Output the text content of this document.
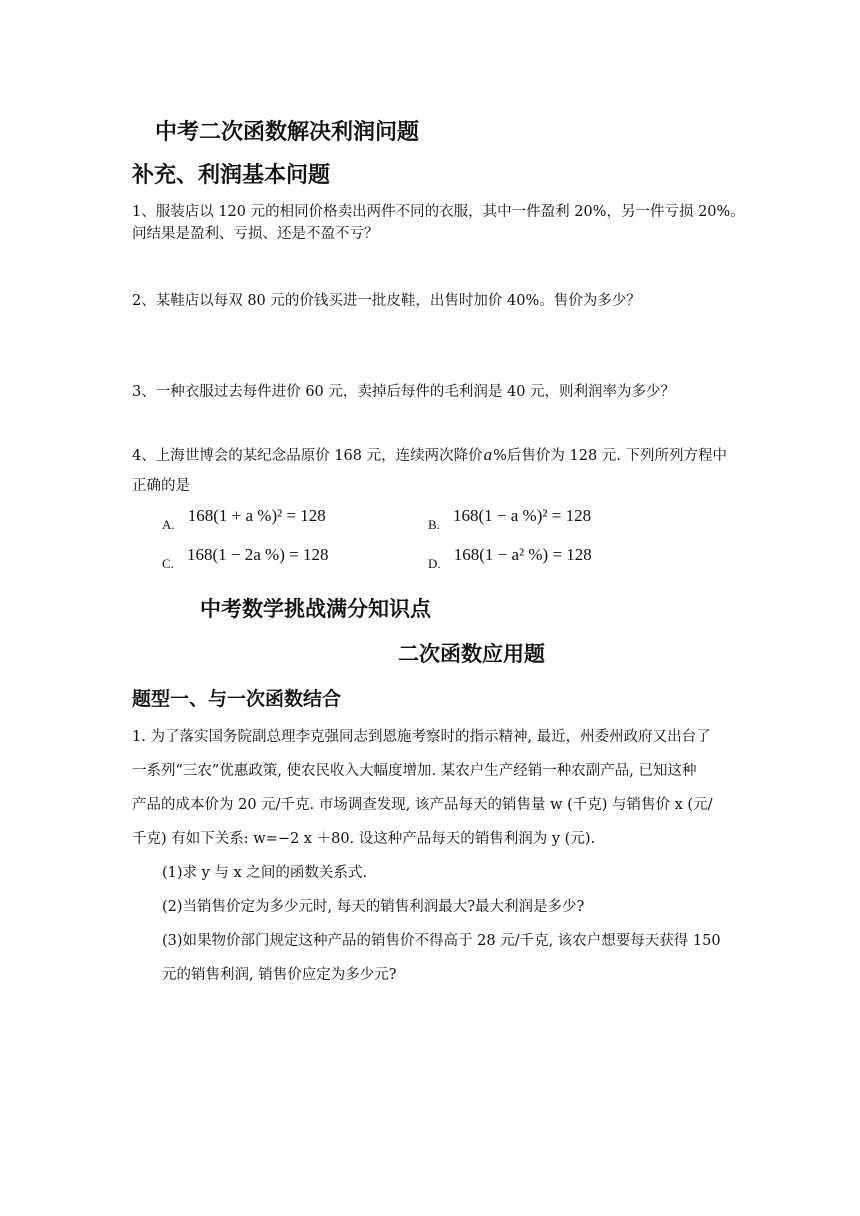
中考二次函数解决利润问题
补充、利润基本问题
1、服装店以 120 元的相同价格卖出两件不同的衣服，其中一件盈利 20%，另一件亏损 20%。
问结果是盈利、亏损、还是不盈不亏？
2、某鞋店以每双 80 元的价钱买进一批皮鞋，出售时加价 40%。售价为多少？
3、一种衣服过去每件进价 60 元，卖掉后每件的毛利润是 40 元，则利润率为多少？
4、上海世博会的某纪念品原价 168 元，连续两次降价a%后售价为 128 元. 下列所列方程中
正确的是
$_{A.}$ 168(1 + a %)² = 128	$_{B.}$ 168(1 − a %)² = 128
$_{C.}$ 168(1 − 2a %) = 128	$_{D.}$ 168(1 − a² %) = 128
中考数学挑战满分知识点
二次函数应用题
题型一、与一次函数结合
1. 为了落实国务院副总理李克强同志到恩施考察时的指示精神, 最近，州委州政府又出台了
一系列“三农”优惠政策, 使农民收入大幅度增加. 某农户生产经销一种农副产品, 已知这种
产品的成本价为 20 元/千克. 市场调查发现, 该产品每天的销售量 w (千克) 与销售价 x (元/
千克) 有如下关系: w=−2 x ＋80. 设这种产品每天的销售利润为 y (元).
(1)求 y 与 x 之间的函数关系式.
(2)当销售价定为多少元时, 每天的销售利润最大?最大利润是多少?
(3)如果物价部门规定这种产品的销售价不得高于 28 元/千克, 该农户想要每天获得 150
元的销售利润, 销售价应定为多少元?
